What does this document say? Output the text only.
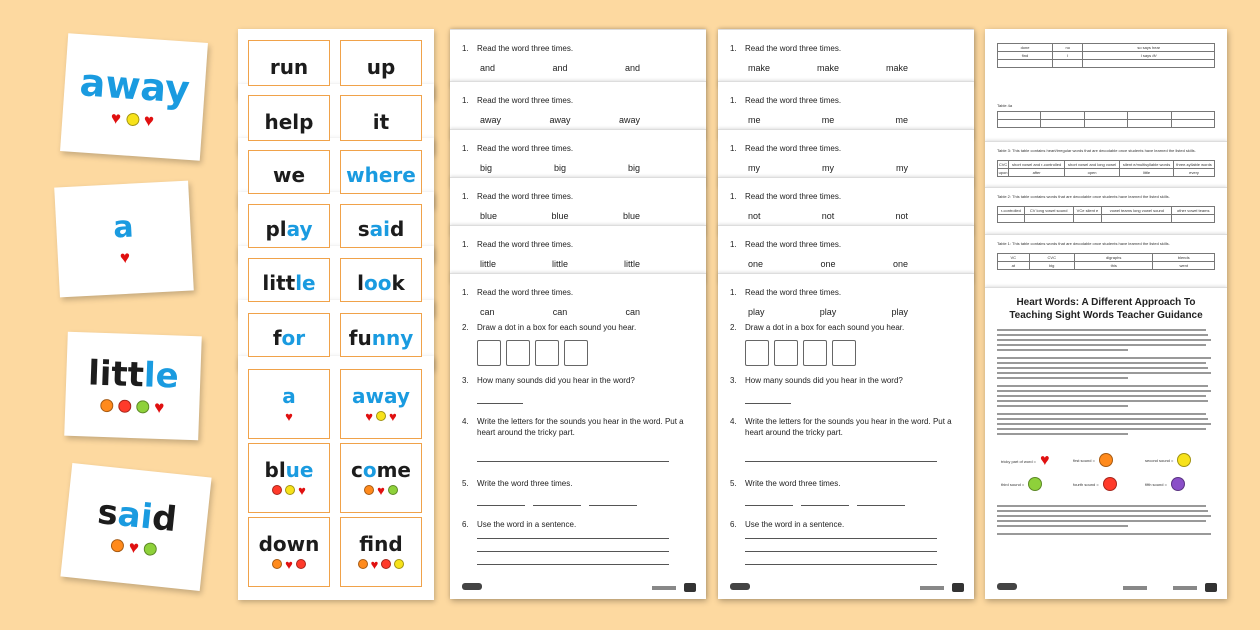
away
♥ ♥
a
♥
little
♥
said
♥
run	up
help	it
we where
play said
little look
for funny
a
♥
away
♥ ♥
blue
♥
come
♥
down
♥
fnd
♥
1. Read the word three times.
and	and	and
1. Read the word three times.
away	away	away
1. Read the word three times.
big	big	big
1. Read the word three times.
blue	blue	blue
1. Read the word three times.
little	little	little
1. Read the word three times.
can	can	can
2. Draw a dot in a box for each sound you hear.
3. How many sounds did you hear in the word?
4. Write the letters for the sounds you hear in the word. Put a heart around the tricky part.
5. Write the word three times.
6. Use the word in a sentence.
1. Read the word three times.
make	make	make
1. Read the word three times.
me	me	me
1. Read the word three times.
my	my	my
1. Read the word three times.
not	not	not
1. Read the word three times.
one	one	one
1. Read the word three times.
play	play	play
2. Draw a dot in a box for each sound you hear.
3. How many sounds did you hear in the word?
4. Write the letters for the sounds you hear in the word. Put a heart around the tricky part.
5. Write the word three times.
6. Use the word in a sentence.
done	no	so says hear
find	I	I says /ē/

Table 4a

Table 3: This table contains heart/irregular words that are decodable once students have learned the listed skills.
CVC	short vowel and r-controlled	short vowel and long vowel	silent e/multisyllable words	three-syllable words
upon	after	open	little	every
Table 2: This table contains words that are decodable once students have learned the listed skills.
r-controlled	CV long vowel sound	VCe silent e	vowel teams long vowel sound	other vowel teams

Table 1: This table contains words that are decodable once students have learned the listed skills.
VC	CVC	digraphs	blends
at	big	this	went
Heart Words: A Different Approach To
Teaching Sight Words Teacher Guidance
tricky part of word = ♥	first sound =	second sound =
third sound =	fourth sound =	fifth sound =
